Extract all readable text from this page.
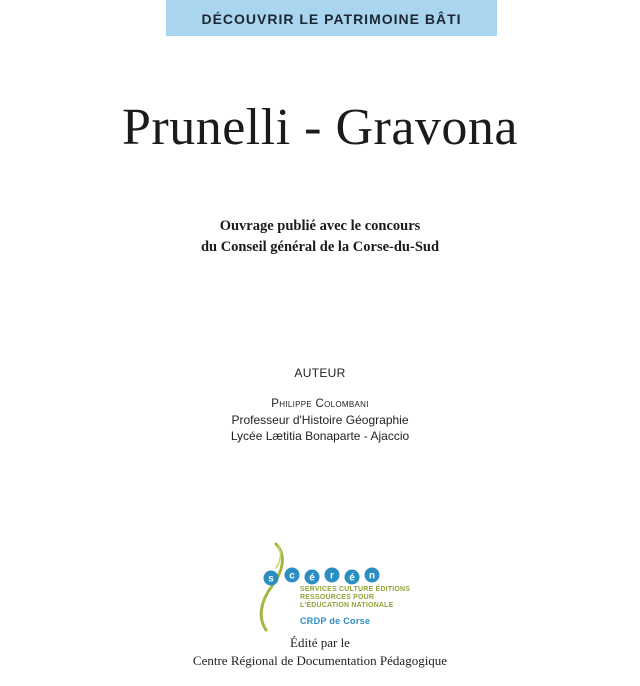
DÉCOUVRIR LE PATRIMOINE BÂTI
Prunelli - Gravona
Ouvrage publié avec le concours
du Conseil général de la Corse-du-Sud
AUTEUR
Philippe Colombani
Professeur d'Histoire Géographie
Lycée Lætitia Bonaparte - Ajaccio
s c é r é n
SERVICES CULTURE ÉDITIONS
RESSOURCES POUR
L'ÉDUCATION NATIONALE
CRDP de Corse
Édité par le
Centre Régional de Documentation Pédagogique
